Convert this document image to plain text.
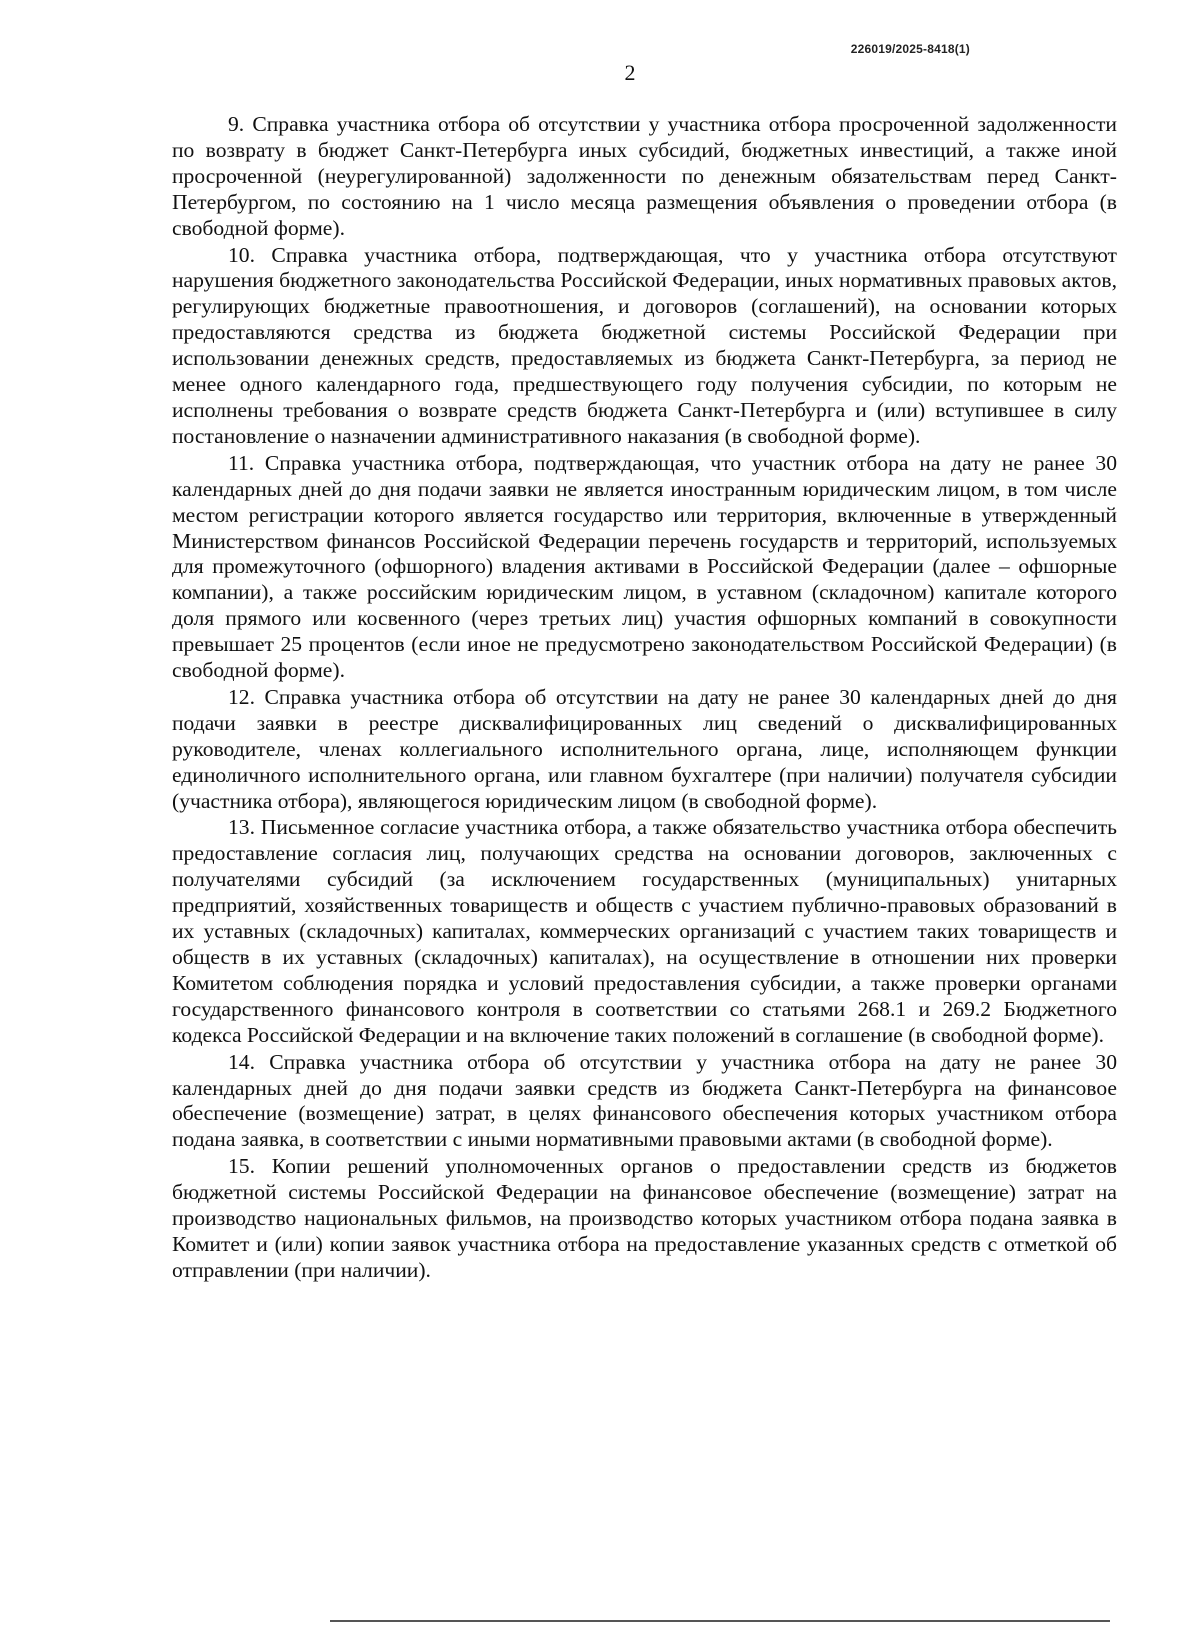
226019/2025-8418(1)
2

9. Справка участника отбора об отсутствии у участника отбора просроченной задолженности по возврату в бюджет Санкт-Петербурга иных субсидий, бюджетных инвестиций, а также иной просроченной (неурегулированной) задолженности по денежным обязательствам перед Санкт-Петербургом, по состоянию на 1 число месяца размещения объявления о проведении отбора (в свободной форме).

10. Справка участника отбора, подтверждающая, что у участника отбора отсутствуют нарушения бюджетного законодательства Российской Федерации, иных нормативных правовых актов, регулирующих бюджетные правоотношения, и договоров (соглашений), на основании которых предоставляются средства из бюджета бюджетной системы Российской Федерации при использовании денежных средств, предоставляемых из бюджета Санкт-Петербурга, за период не менее одного календарного года, предшествующего году получения субсидии, по которым не исполнены требования о возврате средств бюджета Санкт-Петербурга и (или) вступившее в силу постановление о назначении административного наказания (в свободной форме).

11. Справка участника отбора, подтверждающая, что участник отбора на дату не ранее 30 календарных дней до дня подачи заявки не является иностранным юридическим лицом, в том числе местом регистрации которого является государство или территория, включенные в утвержденный Министерством финансов Российской Федерации перечень государств и территорий, используемых для промежуточного (офшорного) владения активами в Российской Федерации (далее – офшорные компании), а также российским юридическим лицом, в уставном (складочном) капитале которого доля прямого или косвенного (через третьих лиц) участия офшорных компаний в совокупности превышает 25 процентов (если иное не предусмотрено законодательством Российской Федерации) (в свободной форме).

12. Справка участника отбора об отсутствии на дату не ранее 30 календарных дней до дня подачи заявки в реестре дисквалифицированных лиц сведений о дисквалифицированных руководителе, членах коллегиального исполнительного органа, лице, исполняющем функции единоличного исполнительного органа, или главном бухгалтере (при наличии) получателя субсидии (участника отбора), являющегося юридическим лицом (в свободной форме).

13. Письменное согласие участника отбора, а также обязательство участника отбора обеспечить предоставление согласия лиц, получающих средства на основании договоров, заключенных с получателями субсидий (за исключением государственных (муниципальных) унитарных предприятий, хозяйственных товариществ и обществ с участием публично-правовых образований в их уставных (складочных) капиталах, коммерческих организаций с участием таких товариществ и обществ в их уставных (складочных) капиталах), на осуществление в отношении них проверки Комитетом соблюдения порядка и условий предоставления субсидии, а также проверки органами государственного финансового контроля в соответствии со статьями 268.1 и 269.2 Бюджетного кодекса Российской Федерации и на включение таких положений в соглашение (в свободной форме).

14. Справка участника отбора об отсутствии у участника отбора на дату не ранее 30 календарных дней до дня подачи заявки средств из бюджета Санкт-Петербурга на финансовое обеспечение (возмещение) затрат, в целях финансового обеспечения которых участником отбора подана заявка, в соответствии с иными нормативными правовыми актами (в свободной форме).

15. Копии решений уполномоченных органов о предоставлении средств из бюджетов бюджетной системы Российской Федерации на финансовое обеспечение (возмещение) затрат на производство национальных фильмов, на производство которых участником отбора подана заявка в Комитет и (или) копии заявок участника отбора на предоставление указанных средств с отметкой об отправлении (при наличии).
